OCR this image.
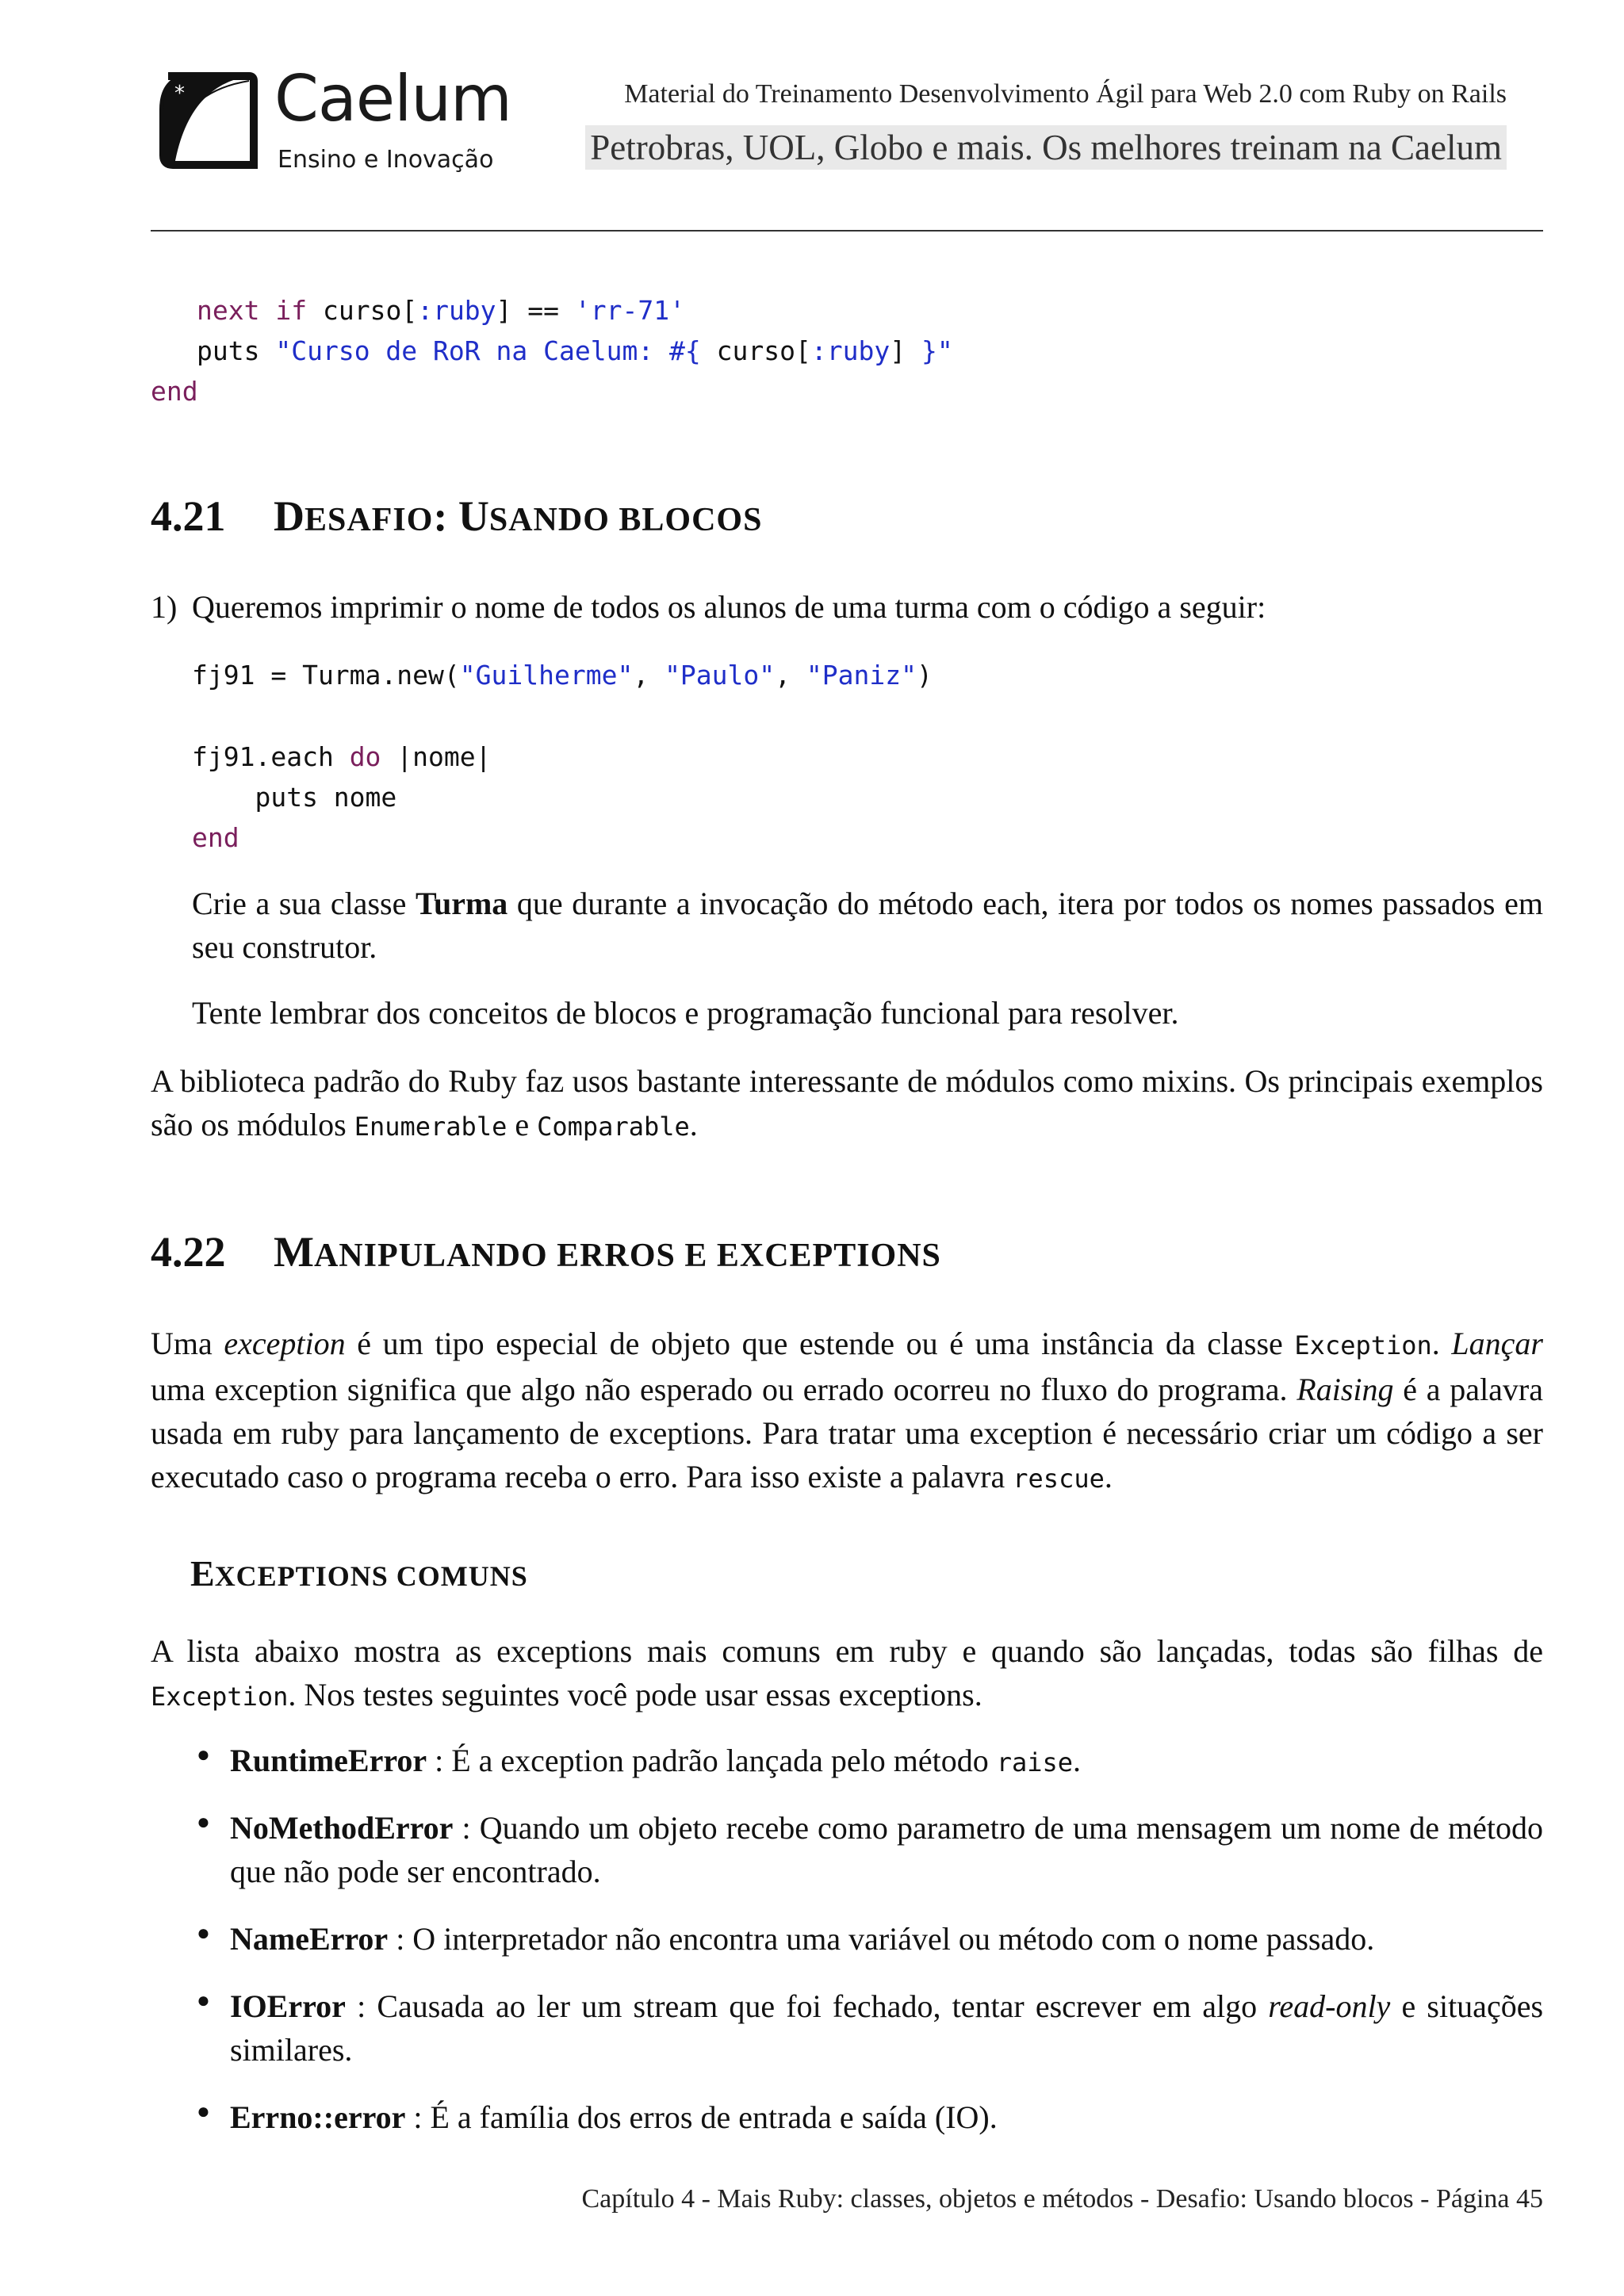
* Caelum
Ensino e Inovação
Material do Treinamento Desenvolvimento Ágil para Web 2.0 com Ruby on Rails
Petrobras, UOL, Globo e mais. Os melhores treinam na Caelum
next if curso[:ruby] == 'rr-71'
puts "Curso de RoR na Caelum: #{ curso[:ruby] }"
end
4.21 DESAFIO: USANDO BLOCOS
1) Queremos imprimir o nome de todos os alunos de uma turma com o código a seguir:
fj91 = Turma.new("Guilherme", "Paulo", "Paniz")
fj91.each do |nome|
puts nome
end
Crie a sua classe Turma que durante a invocação do método each, itera por todos os nomes passados em seu construtor.
Tente lembrar dos conceitos de blocos e programação funcional para resolver.
A biblioteca padrão do Ruby faz usos bastante interessante de módulos como mixins. Os principais exemplos são os módulos Enumerable e Comparable.
4.22 MANIPULANDO ERROS E EXCEPTIONS
Uma exception é um tipo especial de objeto que estende ou é uma instância da classe Exception. Lançar uma exception significa que algo não esperado ou errado ocorreu no fluxo do programa. Raising é a palavra usada em ruby para lançamento de exceptions. Para tratar uma exception é necessário criar um código a ser executado caso o programa receba o erro. Para isso existe a palavra rescue.
EXCEPTIONS COMUNS
A lista abaixo mostra as exceptions mais comuns em ruby e quando são lançadas, todas são filhas de Exception. Nos testes seguintes você pode usar essas exceptions.
● RuntimeError : É a exception padrão lançada pelo método raise.
● NoMethodError : Quando um objeto recebe como parametro de uma mensagem um nome de método que não pode ser encontrado.
● NameError : O interpretador não encontra uma variável ou método com o nome passado.
● IOError : Causada ao ler um stream que foi fechado, tentar escrever em algo read-only e situações similares.
● Errno::error : É a família dos erros de entrada e saída (IO).
Capítulo 4 - Mais Ruby: classes, objetos e métodos - Desafio: Usando blocos - Página 45
